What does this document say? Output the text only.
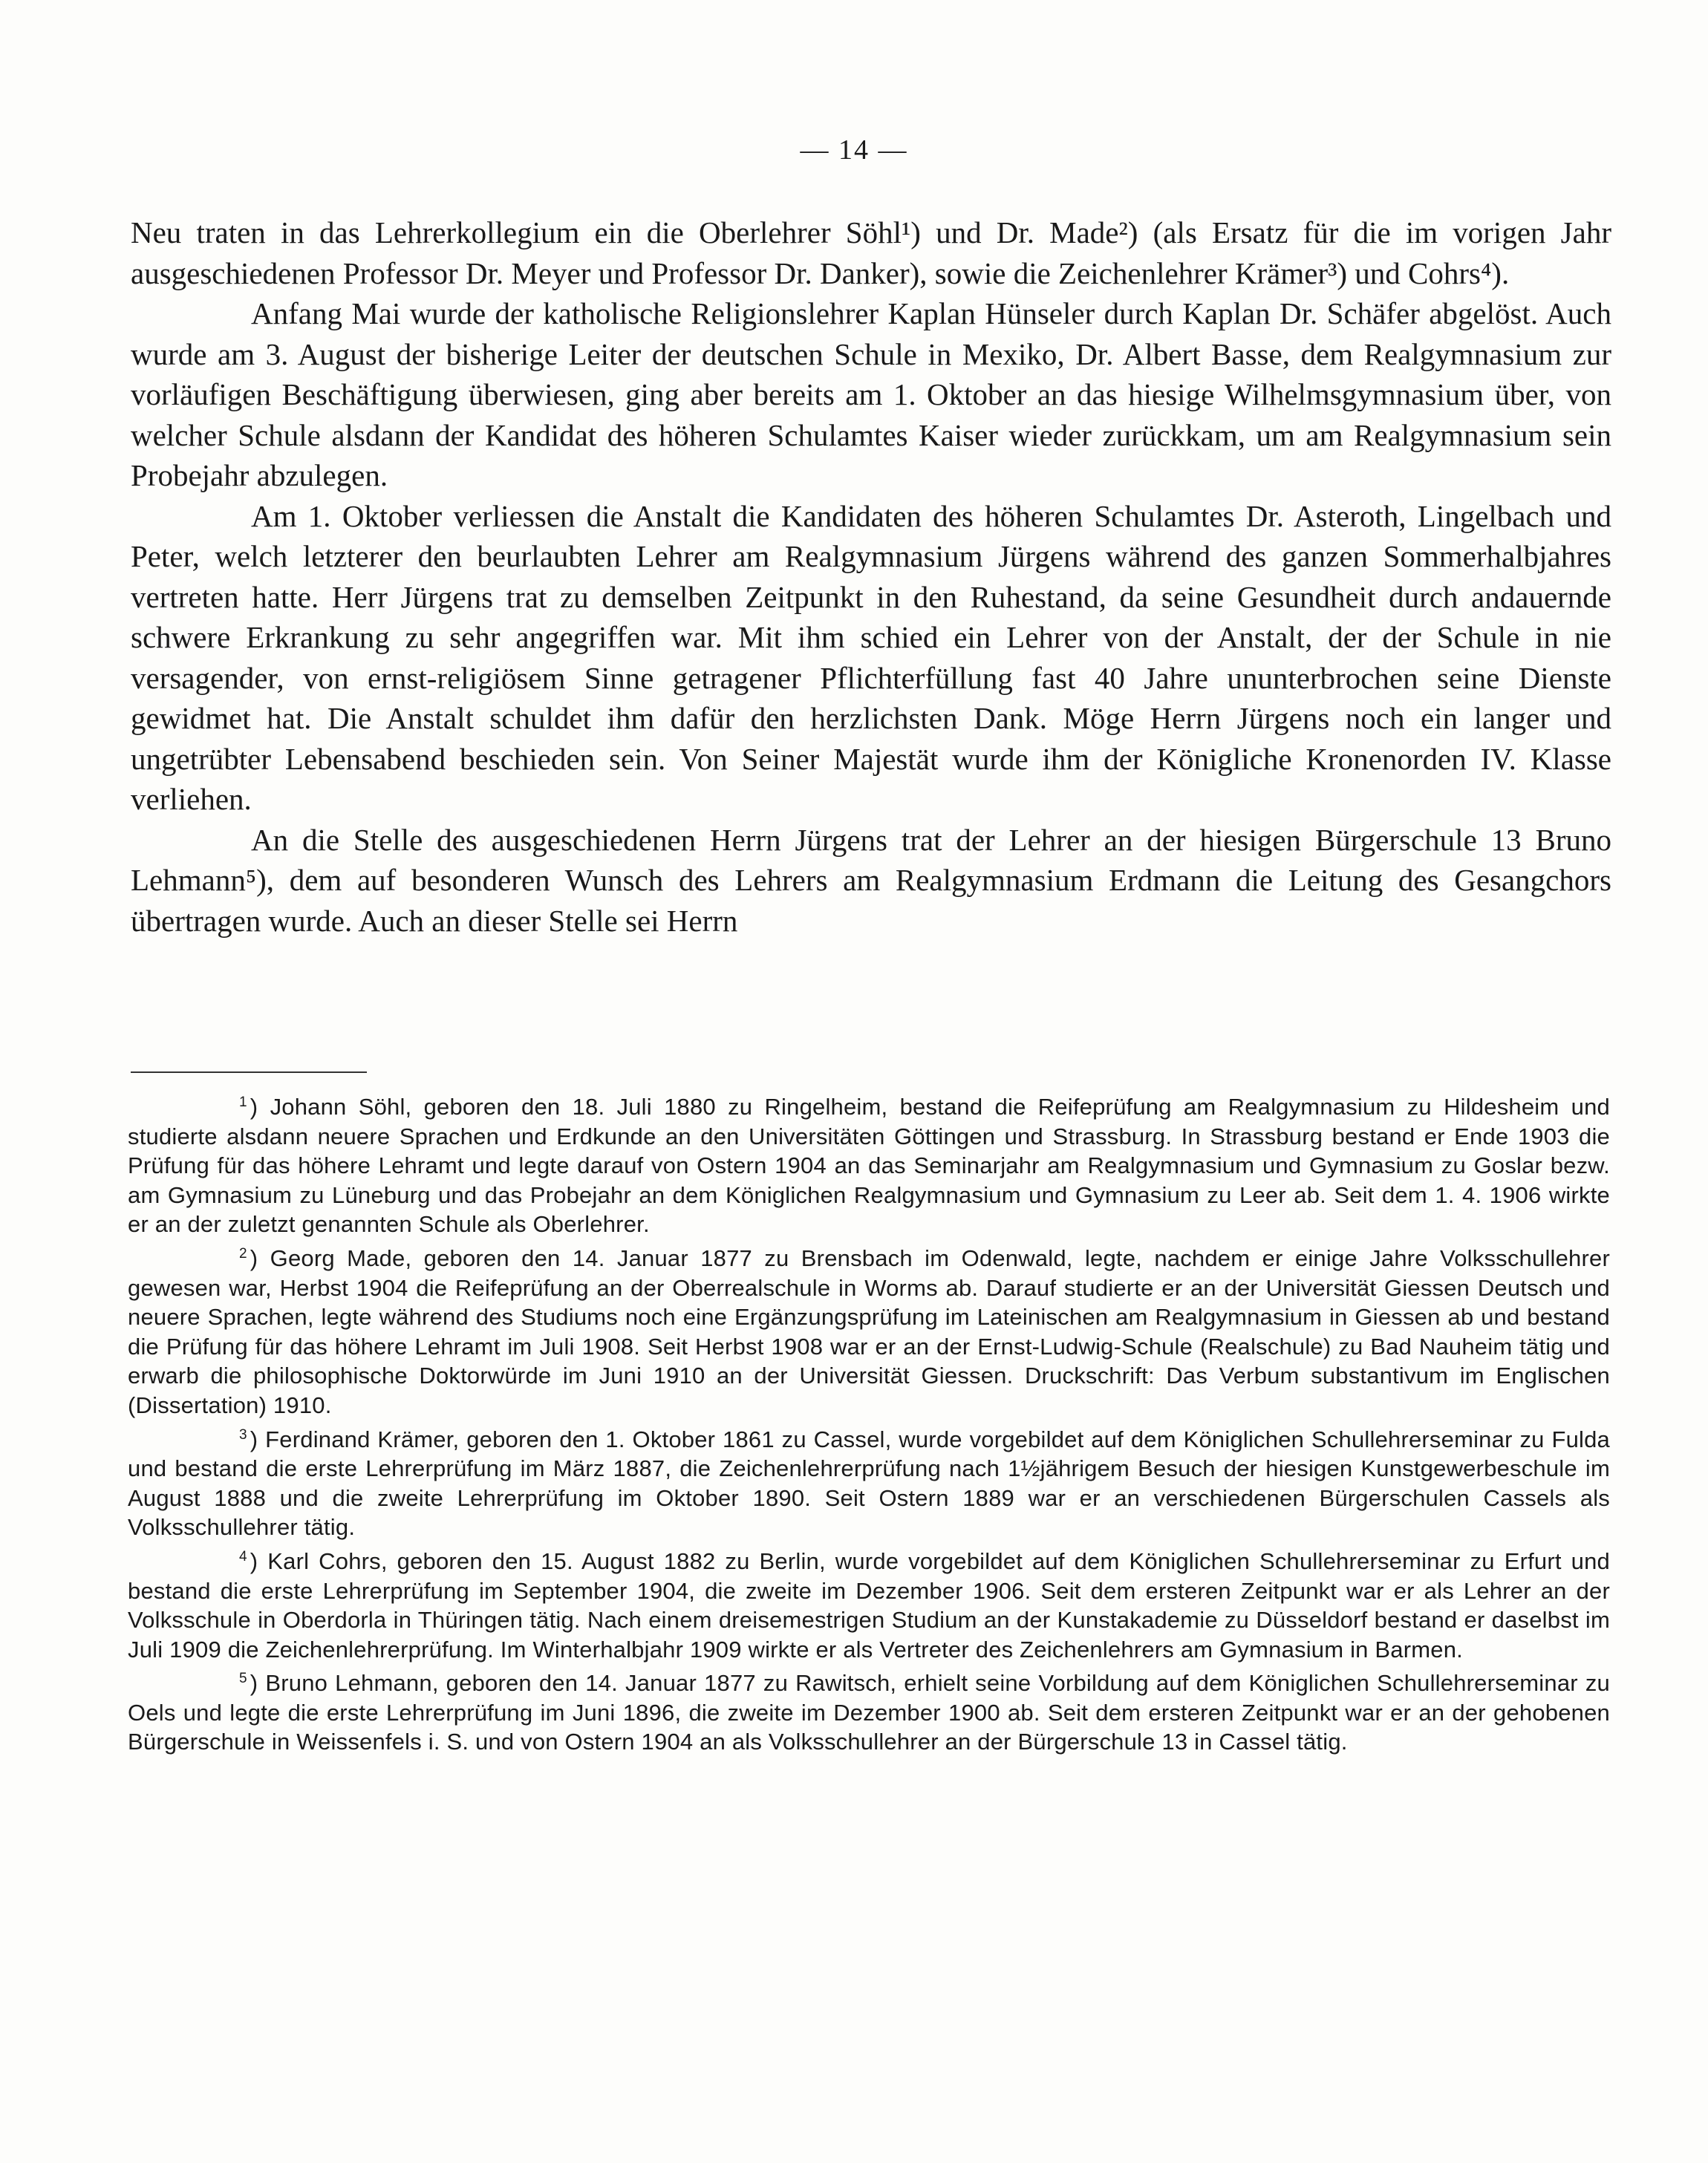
— 14 —

Neu traten in das Lehrerkollegium ein die Oberlehrer Söhl¹) und Dr. Made²) (als Ersatz für die im vorigen Jahr ausgeschiedenen Professor Dr. Meyer und Professor Dr. Danker), sowie die Zeichenlehrer Krämer³) und Cohrs⁴).

Anfang Mai wurde der katholische Religionslehrer Kaplan Hünseler durch Kaplan Dr. Schäfer abgelöst. Auch wurde am 3. August der bisherige Leiter der deutschen Schule in Mexiko, Dr. Albert Basse, dem Realgymnasium zur vorläufigen Beschäftigung überwiesen, ging aber bereits am 1. Oktober an das hiesige Wilhelmsgymnasium über, von welcher Schule alsdann der Kandidat des höheren Schulamtes Kaiser wieder zurückkam, um am Realgymnasium sein Probejahr abzulegen.

Am 1. Oktober verliessen die Anstalt die Kandidaten des höheren Schulamtes Dr. Asteroth, Lingelbach und Peter, welch letzterer den beurlaubten Lehrer am Realgymnasium Jürgens während des ganzen Sommerhalbjahres vertreten hatte. Herr Jürgens trat zu demselben Zeitpunkt in den Ruhestand, da seine Gesundheit durch andauernde schwere Erkrankung zu sehr angegriffen war. Mit ihm schied ein Lehrer von der Anstalt, der der Schule in nie versagender, von ernst-religiösem Sinne getragener Pflichterfüllung fast 40 Jahre ununterbrochen seine Dienste gewidmet hat. Die Anstalt schuldet ihm dafür den herzlichsten Dank. Möge Herrn Jürgens noch ein langer und ungetrübter Lebensabend beschieden sein. Von Seiner Majestät wurde ihm der Königliche Kronenorden IV. Klasse verliehen.

An die Stelle des ausgeschiedenen Herrn Jürgens trat der Lehrer an der hiesigen Bürgerschule 13 Bruno Lehmann⁵), dem auf besonderen Wunsch des Lehrers am Realgymnasium Erdmann die Leitung des Gesangchors übertragen wurde. Auch an dieser Stelle sei Herrn

$^1$ ) Johann Söhl, geboren den 18. Juli 1880 zu Ringelheim, bestand die Reifeprüfung am Realgymnasium zu Hildesheim und studierte alsdann neuere Sprachen und Erdkunde an den Universitäten Göttingen und Strassburg. In Strassburg bestand er Ende 1903 die Prüfung für das höhere Lehramt und legte darauf von Ostern 1904 an das Seminarjahr am Realgymnasium und Gymnasium zu Goslar bezw. am Gymnasium zu Lüneburg und das Probejahr an dem Königlichen Realgymnasium und Gymnasium zu Leer ab. Seit dem 1. 4. 1906 wirkte er an der zuletzt genannten Schule als Oberlehrer.

$^2$ ) Georg Made, geboren den 14. Januar 1877 zu Brensbach im Odenwald, legte, nachdem er einige Jahre Volksschullehrer gewesen war, Herbst 1904 die Reifeprüfung an der Oberrealschule in Worms ab. Darauf studierte er an der Universität Giessen Deutsch und neuere Sprachen, legte während des Studiums noch eine Ergänzungsprüfung im Lateinischen am Realgymnasium in Giessen ab und bestand die Prüfung für das höhere Lehramt im Juli 1908. Seit Herbst 1908 war er an der Ernst-Ludwig-Schule (Realschule) zu Bad Nauheim tätig und erwarb die philosophische Doktorwürde im Juni 1910 an der Universität Giessen. Druckschrift: Das Verbum substantivum im Englischen (Dissertation) 1910.

$^3$ ) Ferdinand Krämer, geboren den 1. Oktober 1861 zu Cassel, wurde vorgebildet auf dem Königlichen Schullehrerseminar zu Fulda und bestand die erste Lehrerprüfung im März 1887, die Zeichenlehrerprüfung nach 1½jährigem Besuch der hiesigen Kunstgewerbeschule im August 1888 und die zweite Lehrerprüfung im Oktober 1890. Seit Ostern 1889 war er an verschiedenen Bürgerschulen Cassels als Volksschullehrer tätig.

$^4$ ) Karl Cohrs, geboren den 15. August 1882 zu Berlin, wurde vorgebildet auf dem Königlichen Schullehrerseminar zu Erfurt und bestand die erste Lehrerprüfung im September 1904, die zweite im Dezember 1906. Seit dem ersteren Zeitpunkt war er als Lehrer an der Volksschule in Oberdorla in Thüringen tätig. Nach einem dreisemestrigen Studium an der Kunstakademie zu Düsseldorf bestand er daselbst im Juli 1909 die Zeichenlehrerprüfung. Im Winterhalbjahr 1909 wirkte er als Vertreter des Zeichenlehrers am Gymnasium in Barmen.

$^5$ ) Bruno Lehmann, geboren den 14. Januar 1877 zu Rawitsch, erhielt seine Vorbildung auf dem Königlichen Schullehrerseminar zu Oels und legte die erste Lehrerprüfung im Juni 1896, die zweite im Dezember 1900 ab. Seit dem ersteren Zeitpunkt war er an der gehobenen Bürgerschule in Weissenfels i. S. und von Ostern 1904 an als Volksschullehrer an der Bürgerschule 13 in Cassel tätig.
